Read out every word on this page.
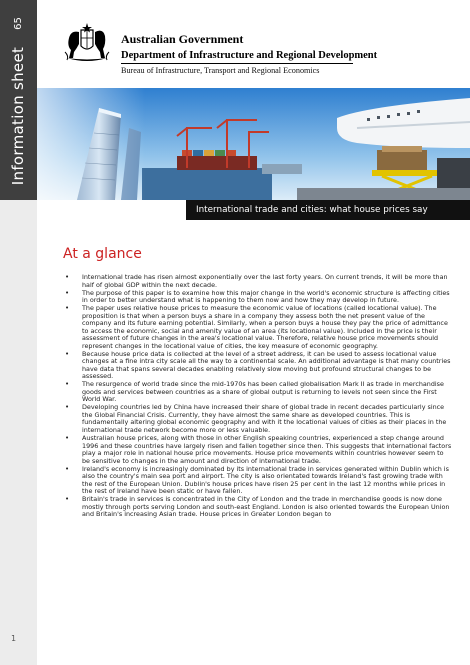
65
Information sheet
1
Australian Government
Department of Infrastructure and Regional Development
Bureau of Infrastructure, Transport and Regional Economics
International trade and cities: what house prices say
At a glance
• International trade has risen almost exponentially over the last forty years. On current trends, it will be more than half of global GDP within the next decade.
• The purpose of this paper is to examine how this major change in the world's economic structure is affecting cities in order to better understand what is happening to them now and how they may develop in future.
• The paper uses relative house prices to measure the economic value of locations (called locational value). The proposition is that when a person buys a share in a company they assess both the net present value of the company and its future earning potential. Similarly, when a person buys a house they pay the price of admittance to access the economic, social and amenity value of an area (its locational value). Included in the price is their assessment of future changes in the area's locational value. Therefore, relative house price movements should represent changes in the locational value of cities, the key measure of economic geography.
• Because house price data is collected at the level of a street address, it can be used to assess locational value changes at a fine intra city scale all the way to a continental scale. An additional advantage is that many countries have data that spans several decades enabling relatively slow moving but profound structural changes to be assessed.
• The resurgence of world trade since the mid-1970s has been called globalisation Mark II as trade in merchandise goods and services between countries as a share of global output is returning to levels not seen since the First World War.
• Developing countries led by China have increased their share of global trade in recent decades particularly since the Global Financial Crisis. Currently, they have almost the same share as developed countries. This is fundamentally altering global economic geography and with it the locational values of cities as their places in the international trade network become more or less valuable.
• Australian house prices, along with those in other English speaking countries, experienced a step change around 1996 and these countries have largely risen and fallen together since then. This suggests that international factors play a major role in national house price movements. House price movements within countries however seem to be sensitive to changes in the amount and direction of international trade.
• Ireland's economy is increasingly dominated by its international trade in services generated within Dublin which is also the country's main sea port and airport. The city is also orientated towards Ireland's fast growing trade with the rest of the European Union. Dublin's house prices have risen 25 per cent in the last 12 months while prices in the rest of Ireland have been static or have fallen.
• Britain's trade in services is concentrated in the City of London and the trade in merchandise goods is now done mostly through ports serving London and south-east England. London is also oriented towards the European Union and Britain's increasing Asian trade. House prices in Greater London began to
